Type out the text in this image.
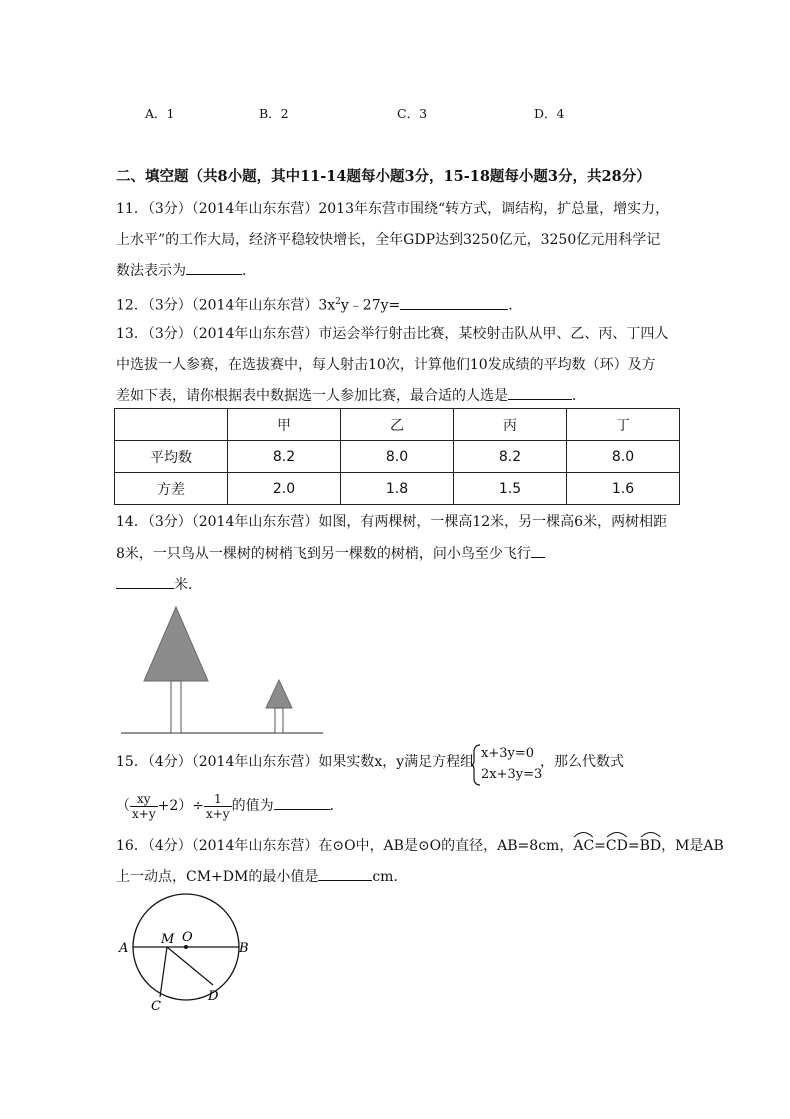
A．1	B．2	C．3	D．4
二、填空题（共8小题，其中11-14题每小题3分，15-18题每小题3分，共28分）
11．（3分）（2014年山东东营）2013年东营市围绕“转方式，调结构，扩总量，增实力，
上水平”的工作大局，经济平稳较快增长，全年GDP达到3250亿元，3250亿元用科学记
数法表示为	．
12．（3分）（2014年山东东营）$3x^2y﹣27y=$	．
13．（3分）（2014年山东东营）市运会举行射击比赛，某校射击队从甲、乙、丙、丁四人
中选拔一人参赛，在选拔赛中，每人射击10次，计算他们10发成绩的平均数（环）及方
差如下表，请你根据表中数据选一人参加比赛，最合适的人选是	．
	甲	乙	丙	丁
平均数	8.2	8.0	8.2	8.0
方差	2.0	1.8	1.5	1.6
14．（3分）（2014年山东东营）如图，有两棵树，一棵高12米，另一棵高6米，两树相距
8米，一只鸟从一棵树的树梢飞到另一棵数的树梢，问小鸟至少飞行
米．
15．（4分）（2014年山东东营）如果实数x，y满足方程组
x+3y=0
2x+3y=3
，那么代数式
（ $\frac{xy}{x+y} +2)\div \frac{1}{x+y}$ 的值为	．
16．（4分）（2014年山东东营）在⊙O中，AB是⊙O的直径，AB=8cm，AC
=CD
=BD
，M是AB
上一动点，CM+DM的最小值是	cm．
A	B
M O
C
D
